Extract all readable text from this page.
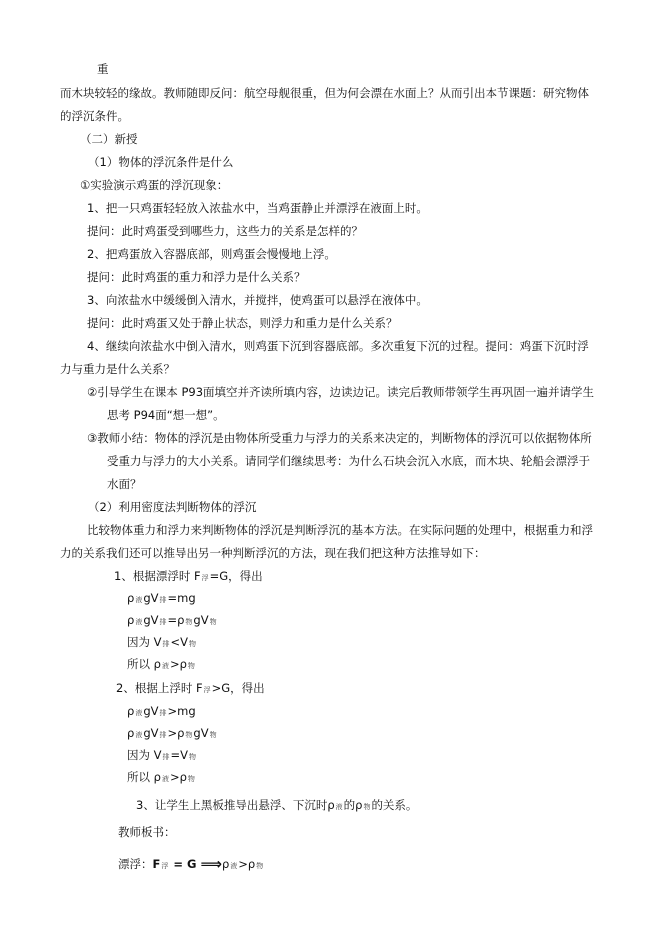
重
而木块较轻的缘故。教师随即反问：航空母舰很重，但为何会漂在水面上？从而引出本节课题：研究物体
的浮沉条件。
（二）新授
（1）物体的浮沉条件是什么
①实验演示鸡蛋的浮沉现象：
1、把一只鸡蛋轻轻放入浓盐水中，当鸡蛋静止并漂浮在液面上时。
提问：此时鸡蛋受到哪些力，这些力的关系是怎样的？
2、把鸡蛋放入容器底部，则鸡蛋会慢慢地上浮。
提问：此时鸡蛋的重力和浮力是什么关系？
3、向浓盐水中缓缓倒入清水，并搅拌，使鸡蛋可以悬浮在液体中。
提问：此时鸡蛋又处于静止状态，则浮力和重力是什么关系？
4、继续向浓盐水中倒入清水，则鸡蛋下沉到容器底部。多次重复下沉的过程。提问：鸡蛋下沉时浮
力与重力是什么关系？
②引导学生在课本 P93面填空并齐读所填内容，边读边记。读完后教师带领学生再巩固一遍并请学生
思考 P94面“想一想”。
③教师小结：物体的浮沉是由物体所受重力与浮力的关系来决定的，判断物体的浮沉可以依据物体所
受重力与浮力的大小关系。请同学们继续思考：为什么石块会沉入水底，而木块、轮船会漂浮于
水面？
（2）利用密度法判断物体的浮沉
比较物体重力和浮力来判断物体的浮沉是判断浮沉的基本方法。在实际问题的处理中，根据重力和浮
力的关系我们还可以推导出另一种判断浮沉的方法，现在我们把这种方法推导如下：
1、根据漂浮时 F浮=G，得出
ρ液gV排=mg
ρ液gV排=ρ物gV物
因为 V排<V物
所以 ρ液>ρ物
2、根据上浮时 F浮>G，得出
ρ液gV排>mg
ρ液gV排>ρ物gV物
因为 V排=V物
所以 ρ液>ρ物
3、让学生上黑板推导出悬浮、下沉时ρ液的ρ物的关系。
教师板书：
漂浮：F浮 = G ⟹ρ液>ρ物
